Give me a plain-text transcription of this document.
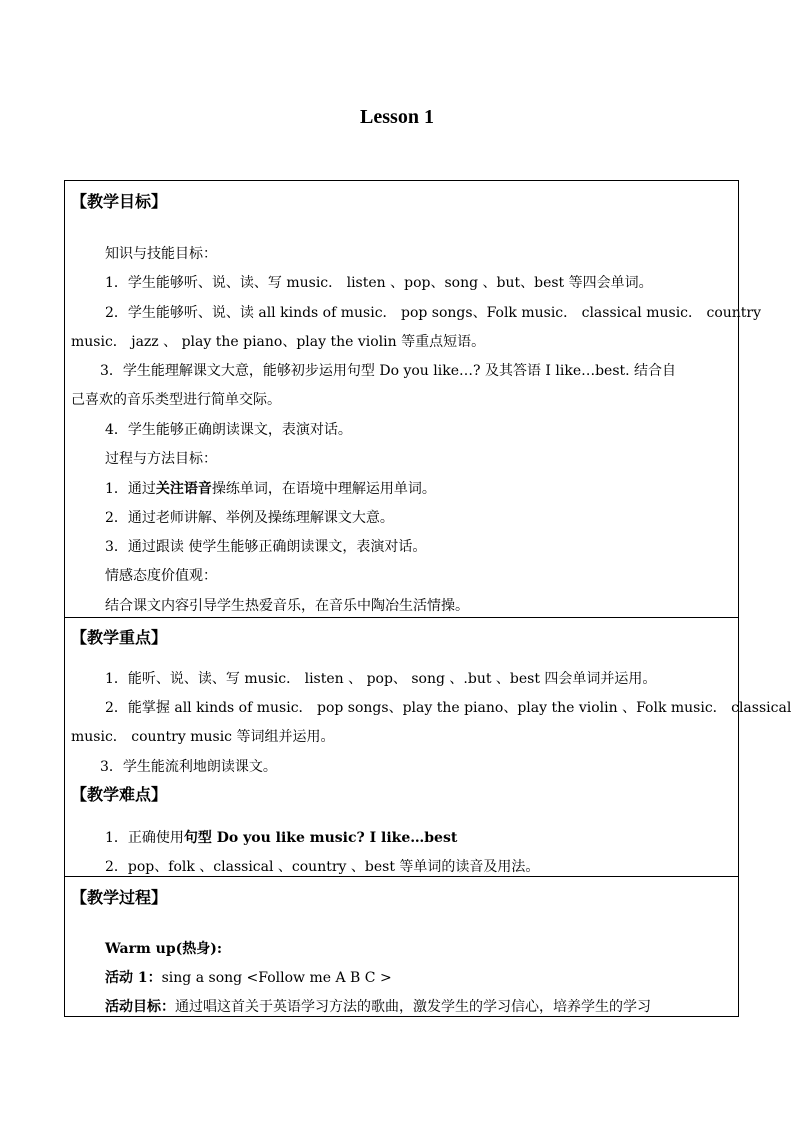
Lesson 1
【教学目标】
知识与技能目标：
1．学生能够听、说、读、写 music． listen 、pop、song 、but、best 等四会单词。
2．学生能够听、说、读 all kinds of music． pop songs、Folk music． classical music． country
music． jazz 、 play the piano、play the violin 等重点短语。
3．学生能理解课文大意，能够初步运用句型 Do you like…? 及其答语 I like…best. 结合自
己喜欢的音乐类型进行简单交际。
4．学生能够正确朗读课文，表演对话。
过程与方法目标：
1．通过关注语音操练单词，在语境中理解运用单词。
2．通过老师讲解、举例及操练理解课文大意。
3．通过跟读 使学生能够正确朗读课文，表演对话。
情感态度价值观：
结合课文内容引导学生热爱音乐，在音乐中陶冶生活情操。
【教学重点】
1．能听、说、读、写 music． listen 、 pop、 song 、.but 、best 四会单词并运用。
2．能掌握 all kinds of music． pop songs、play the piano、play the violin 、Folk music． classical
music． country music 等词组并运用。
3．学生能流利地朗读课文。
【教学难点】
1．正确使用句型 Do you like music? I like…best
2．pop、folk 、classical 、country 、best 等单词的读音及用法。
【教学过程】
Warm up(热身):
活动 1：sing a song <Follow me A B C >
活动目标：通过唱这首关于英语学习方法的歌曲，激发学生的学习信心，培养学生的学习
